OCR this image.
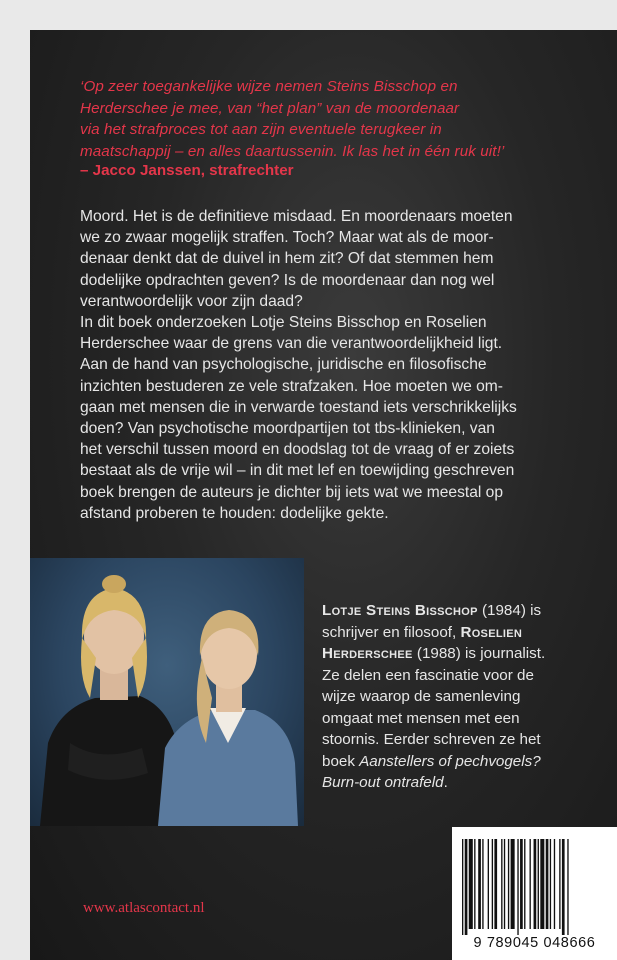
‘Op zeer toegankelijke wijze nemen Steins Bisschop en
Herderschee je mee, van “het plan” van de moordenaar
via het strafproces tot aan zijn eventuele terugkeer in
maatschappij – en alles daartussenin. Ik las het in één ruk uit!’
– Jacco Janssen, strafrechter

Moord. Het is de definitieve misdaad. En moordenaars moeten

we zo zwaar mogelijk straffen. Toch? Maar wat als de moor-

denaar denkt dat de duivel in hem zit? Of dat stemmen hem

dodelijke opdrachten geven? Is de moordenaar dan nog wel

verantwoordelijk voor zijn daad?

In dit boek onderzoeken Lotje Steins Bisschop en Roselien

Herderschee waar de grens van die verantwoordelijkheid ligt.

Aan de hand van psychologische, juridische en filosofische

inzichten bestuderen ze vele strafzaken. Hoe moeten we om-

gaan met mensen die in verwarde toestand iets verschrikkelijks

doen? Van psychotische moordpartijen tot tbs-klinieken, van

het verschil tussen moord en doodslag tot de vraag of er zoiets

bestaat als de vrije wil – in dit met lef en toewijding geschreven

boek brengen de auteurs je dichter bij iets wat we meestal op

afstand proberen te houden: dodelijke gekte.

Lotje Steins Bisschop (1984) is
schrijver en filosoof, Roselien
Herderschee (1988) is journalist.
Ze delen een fascinatie voor de
wijze waarop de samenleving
omgaat met mensen met een
stoornis. Eerder schreven ze het
boek Aanstellers of pechvogels?
Burn-out ontrafeld.
www.atlascontact.nl
9 789045 048666
